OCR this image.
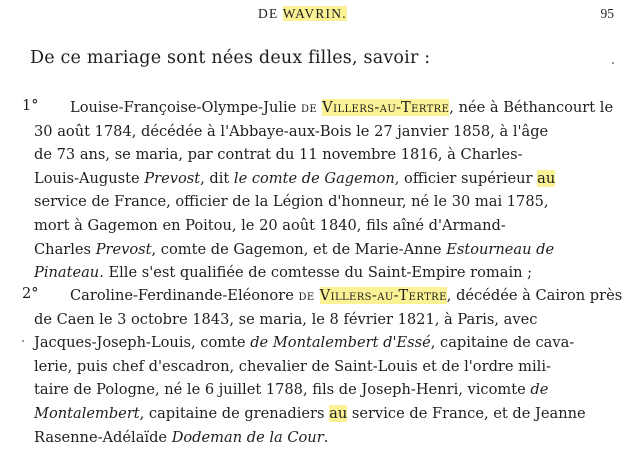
DE WAVRIN.	95
De ce mariage sont nées deux filles, savoir :
1° Louise-Françoise-Olympe-Julie de Villers-au-Tertre, née à Béthancourt le
30 août 1784, décédée à l'Abbaye-aux-Bois le 27 janvier 1858, à l'âge
de 73 ans, se maria, par contrat du 11 novembre 1816, à Charles-
Louis-Auguste Prevost, dit le comte de Gagemon, officier supérieur au
service de France, officier de la Légion d'honneur, né le 30 mai 1785,
mort à Gagemon en Poitou, le 20 août 1840, fils aîné d'Armand-
Charles Prevost, comte de Gagemon, et de Marie-Anne Estourneau de
Pinateau. Elle s'est qualifiée de comtesse du Saint-Empire romain ;
2° Caroline-Ferdinande-Eléonore de Villers-au-Tertre, décédée à Cairon près
de Caen le 3 octobre 1843, se maria, le 8 février 1821, à Paris, avec
Jacques-Joseph-Louis, comte de Montalembert d'Essé, capitaine de cava-
lerie, puis chef d'escadron, chevalier de Saint-Louis et de l'ordre mili-
taire de Pologne, né le 6 juillet 1788, fils de Joseph-Henri, vicomte de
Montalembert, capitaine de grenadiers au service de France, et de Jeanne
Rasenne-Adélaïde Dodeman de la Cour.
